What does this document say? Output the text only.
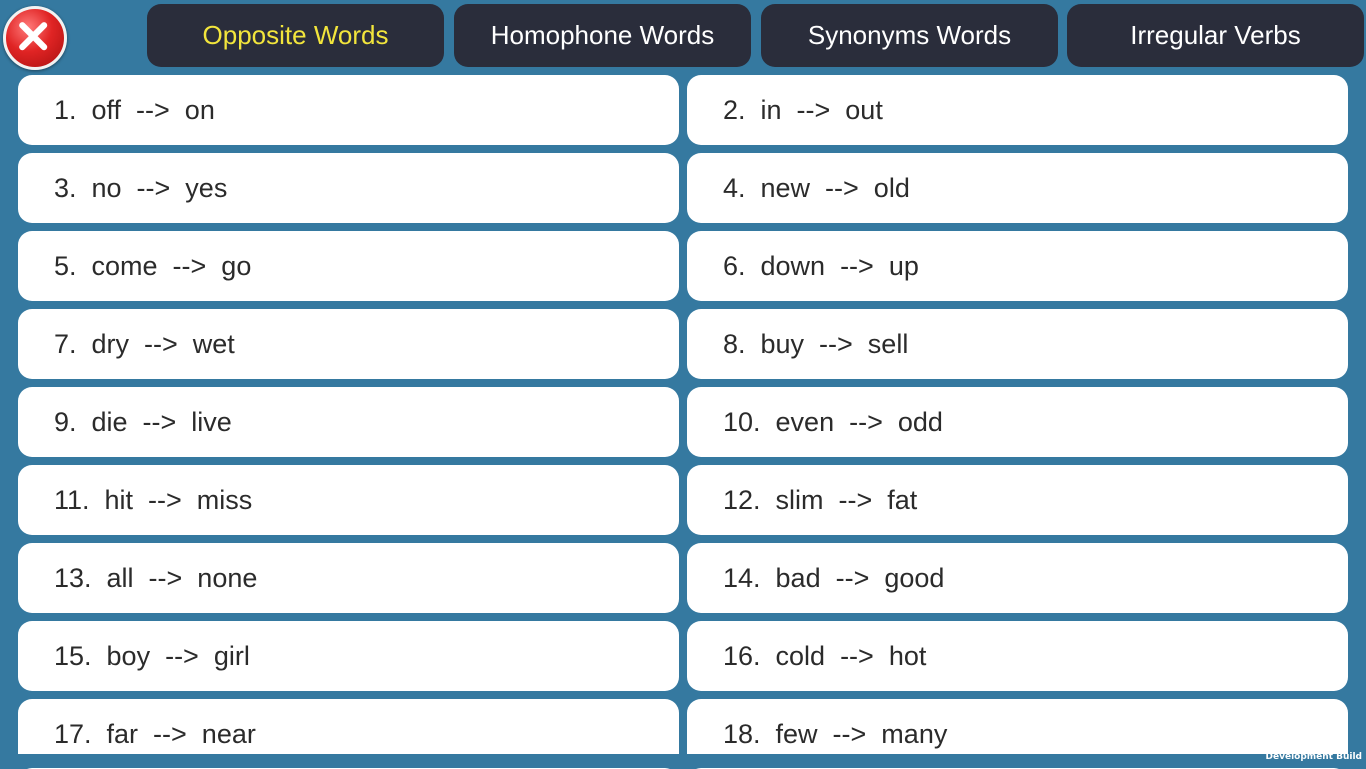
Opposite Words	Homophone Words	Synonyms Words	Irregular Verbs
1.  off  -->  on	2.  in  -->  out
3.  no  -->  yes	4.  new  -->  old
5.  come  -->  go	6.  down  -->  up
7.  dry  -->  wet	8.  buy  -->  sell
9.  die  -->  live	10.  even  -->  odd
11.  hit  -->  miss	12.  slim  -->  fat
13.  all  -->  none	14.  bad  -->  good
15.  boy  -->  girl	16.  cold  -->  hot
17.  far  -->  near	18.  few  -->  many
Development Build
